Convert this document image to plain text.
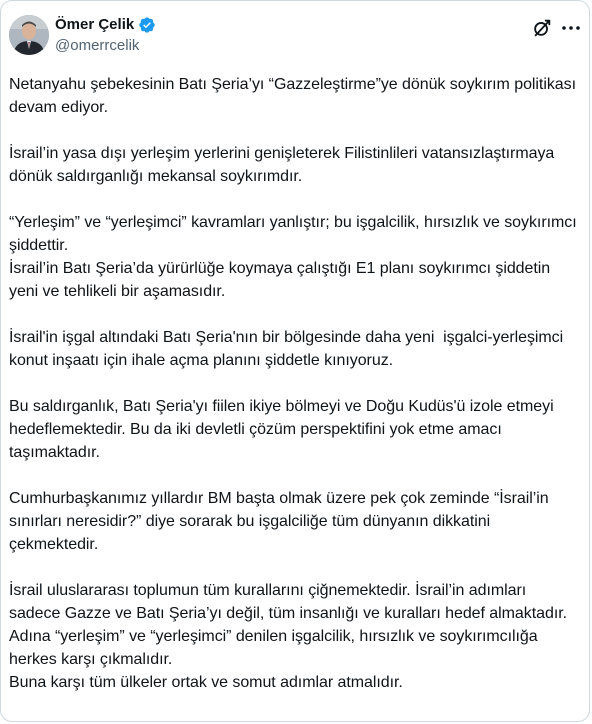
Ömer Çelik
@omerrcelik
Netanyahu şebekesinin Batı Şeria’yı “Gazzeleştirme”ye dönük soykırım politikası devam ediyor.

İsrail’in yasa dışı yerleşim yerlerini genişleterek Filistinlileri vatansızlaştırmaya dönük saldırganlığı mekansal soykırımdır.

“Yerleşim” ve “yerleşimci” kavramları yanlıştır; bu işgalcilik, hırsızlık ve soykırımcı şiddettir.
İsrail’in Batı Şeria’da yürürlüğe koymaya çalıştığı E1 planı soykırımcı şiddetin yeni ve tehlikeli bir aşamasıdır.

İsrail'in işgal altındaki Batı Şeria'nın bir bölgesinde daha yeni  işgalci-yerleşimci konut inşaatı için ihale açma planını şiddetle kınıyoruz.

Bu saldırganlık, Batı Şeria'yı fiilen ikiye bölmeyi ve Doğu Kudüs'ü izole etmeyi hedeflemektedir. Bu da iki devletli çözüm perspektifini yok etme amacı taşımaktadır.

Cumhurbaşkanımız yıllardır BM başta olmak üzere pek çok zeminde “İsrail’in sınırları neresidir?” diye sorarak bu işgalciliğe tüm dünyanın dikkatini çekmektedir.

İsrail uluslararası toplumun tüm kurallarını çiğnemektedir. İsrail’in adımları sadece Gazze ve Batı Şeria’yı değil, tüm insanlığı ve kuralları hedef almaktadır. Adına “yerleşim” ve “yerleşimci” denilen işgalcilik, hırsızlık ve soykırımcılığa herkes karşı çıkmalıdır.
Buna karşı tüm ülkeler ortak ve somut adımlar atmalıdır.
